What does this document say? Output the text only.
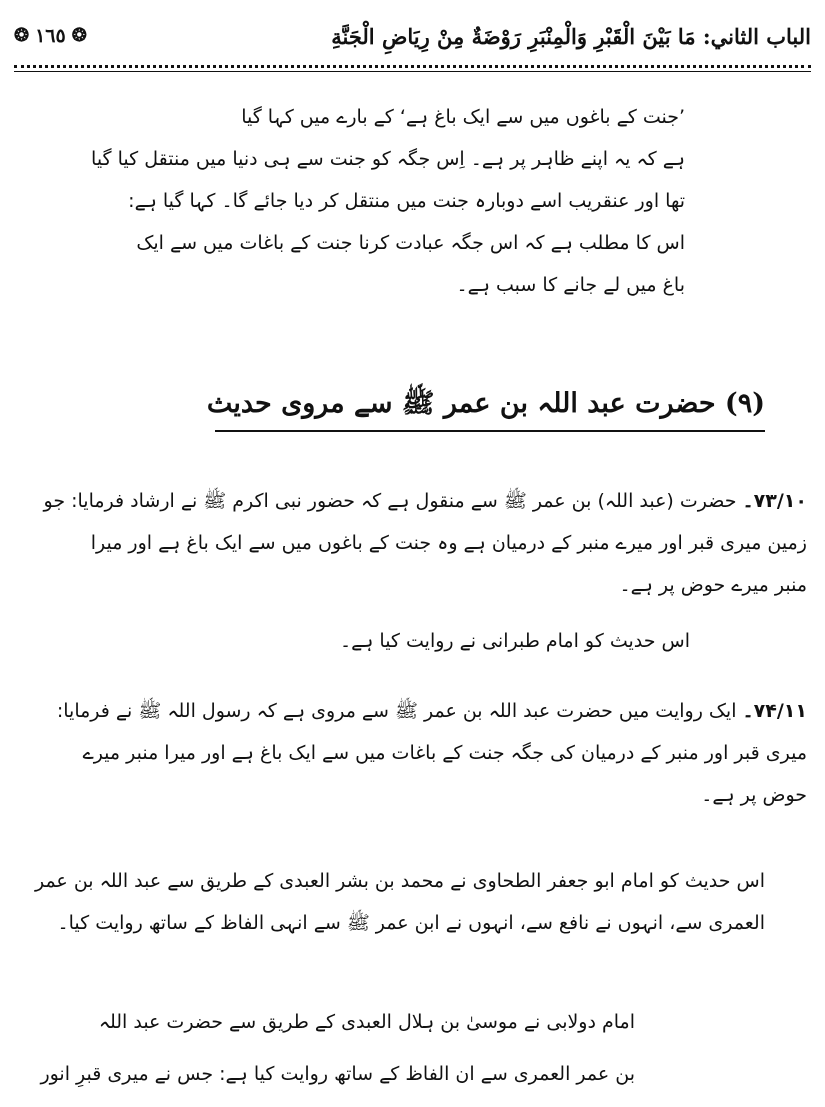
الباب الثاني: مَا بَيْنَ الْقَبْرِ وَالْمِنْبَرِ رَوْضَةٌ مِنْ رِيَاضِ الْجَنَّةِ
❂
١٦٥
❂
’جنت کے باغوں میں سے ایک باغ ہے‘ کے بارے میں کہا گیا
ہے کہ یہ اپنے ظاہر پر ہے۔ اِس جگہ کو جنت سے ہی دنیا میں منتقل کیا گیا
تھا اور عنقریب اسے دوبارہ جنت میں منتقل کر دیا جائے گا۔ کہا گیا ہے:
اس کا مطلب ہے کہ اس جگہ عبادت کرنا جنت کے باغات میں سے ایک
باغ میں لے جانے کا سبب ہے۔
(۹) حضرت عبد اللہ بن عمر ﷺ سے مروی حدیث
۷۳/۱۰۔ حضرت (عبد اللہ) بن عمر ﷺ سے منقول ہے کہ حضور نبی اکرم ﷺ نے ارشاد فرمایا: جو
زمین میری قبر اور میرے منبر کے درمیان ہے وہ جنت کے باغوں میں سے ایک باغ ہے اور میرا
منبر میرے حوض پر ہے۔
اس حدیث کو امام طبرانی نے روایت کیا ہے۔
۷۴/۱۱۔ ایک روایت میں حضرت عبد اللہ بن عمر ﷺ سے مروی ہے کہ رسول اللہ ﷺ نے فرمایا:
میری قبر اور منبر کے درمیان کی جگہ جنت کے باغات میں سے ایک باغ ہے اور میرا منبر میرے
حوض پر ہے۔
اس حدیث کو امام ابو جعفر الطحاوی نے محمد بن بشر العبدی کے طریق سے عبد اللہ بن عمر
العمری سے، انہوں نے نافع سے، انہوں نے ابن عمر ﷺ سے انہی الفاظ کے ساتھ روایت کیا۔
امام دولابی نے موسیٰ بن ہلال العبدی کے طریق سے حضرت عبد اللہ
بن عمر العمری سے ان الفاظ کے ساتھ روایت کیا ہے: جس نے میری قبرِ انور
